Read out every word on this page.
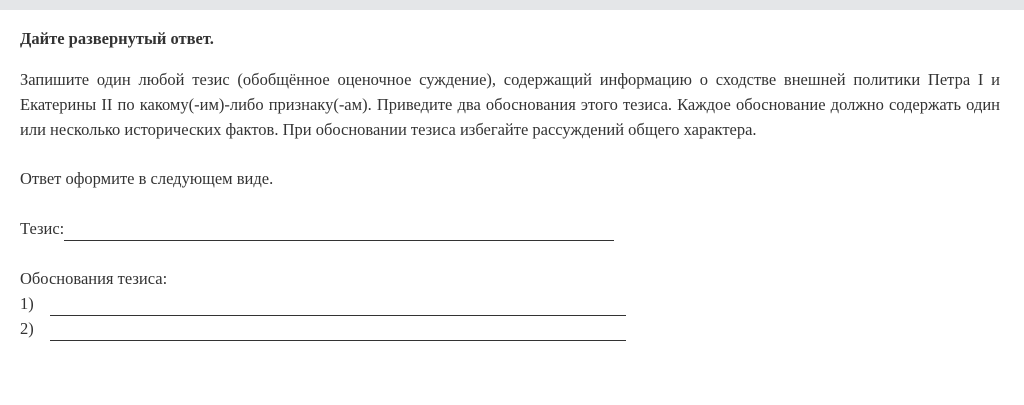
Дайте развернутый ответ.

Запишите один любой тезис (обобщённое оценочное суждение), содержащий информацию о сходстве внешней политики Петра I и Екатерины II по какому(-им)-либо признаку(-ам). Приведите два обоснования этого тезиса. Каждое обоснование должно содержать один или несколько исторических фактов. При обосновании тезиса избегайте рассуждений общего характера.

Ответ оформите в следующем виде.
Тезис:
Обоснования тезиса:
1)
2)
